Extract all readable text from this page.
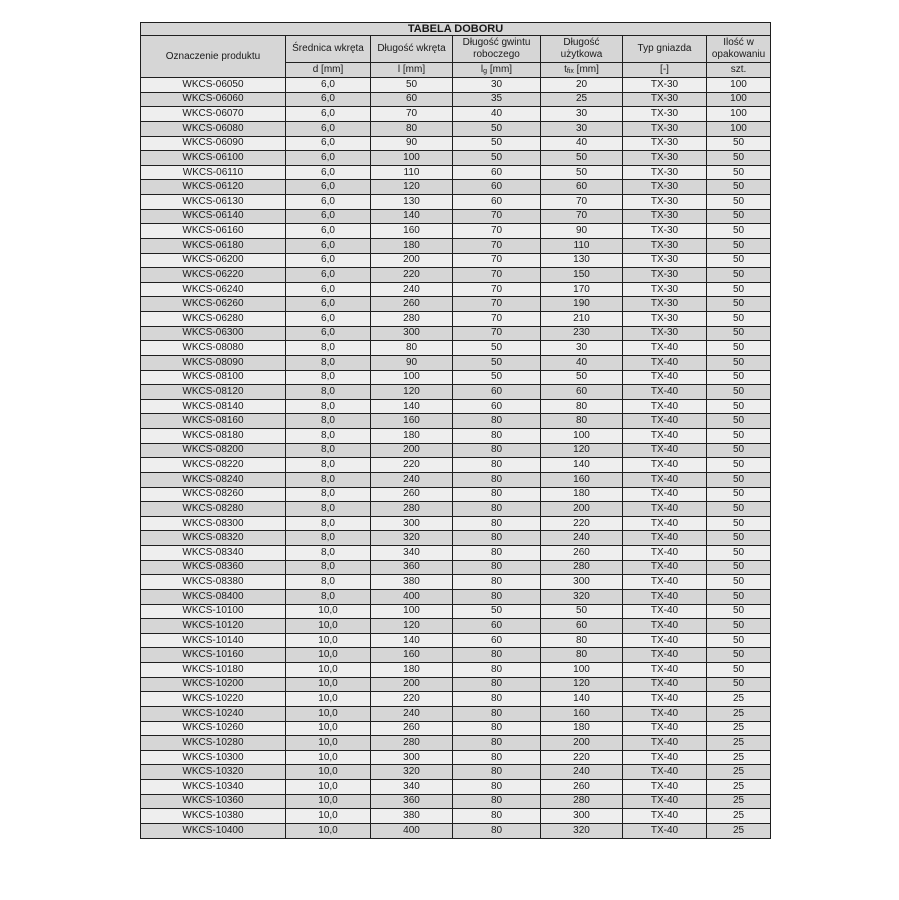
TABELA DOBORU						
Oznaczenie produktu	Średnica wkręta	Długość wkręta	Długość gwintu roboczego	Długość użytkowa	Typ gniazda	Ilość w opakowaniu
	d [mm]	l [mm]	$l_g$ [mm]	$t_{fix}$ [mm]	[-]	szt.
WKCS-06050	6,0	50	30	20	TX-30	100
WKCS-06060	6,0	60	35	25	TX-30	100
WKCS-06070	6,0	70	40	30	TX-30	100
WKCS-06080	6,0	80	50	30	TX-30	100
WKCS-06090	6,0	90	50	40	TX-30	50
WKCS-06100	6,0	100	50	50	TX-30	50
WKCS-06110	6,0	110	60	50	TX-30	50
WKCS-06120	6,0	120	60	60	TX-30	50
WKCS-06130	6,0	130	60	70	TX-30	50
WKCS-06140	6,0	140	70	70	TX-30	50
WKCS-06160	6,0	160	70	90	TX-30	50
WKCS-06180	6,0	180	70	110	TX-30	50
WKCS-06200	6,0	200	70	130	TX-30	50
WKCS-06220	6,0	220	70	150	TX-30	50
WKCS-06240	6,0	240	70	170	TX-30	50
WKCS-06260	6,0	260	70	190	TX-30	50
WKCS-06280	6,0	280	70	210	TX-30	50
WKCS-06300	6,0	300	70	230	TX-30	50
WKCS-08080	8,0	80	50	30	TX-40	50
WKCS-08090	8,0	90	50	40	TX-40	50
WKCS-08100	8,0	100	50	50	TX-40	50
WKCS-08120	8,0	120	60	60	TX-40	50
WKCS-08140	8,0	140	60	80	TX-40	50
WKCS-08160	8,0	160	80	80	TX-40	50
WKCS-08180	8,0	180	80	100	TX-40	50
WKCS-08200	8,0	200	80	120	TX-40	50
WKCS-08220	8,0	220	80	140	TX-40	50
WKCS-08240	8,0	240	80	160	TX-40	50
WKCS-08260	8,0	260	80	180	TX-40	50
WKCS-08280	8,0	280	80	200	TX-40	50
WKCS-08300	8,0	300	80	220	TX-40	50
WKCS-08320	8,0	320	80	240	TX-40	50
WKCS-08340	8,0	340	80	260	TX-40	50
WKCS-08360	8,0	360	80	280	TX-40	50
WKCS-08380	8,0	380	80	300	TX-40	50
WKCS-08400	8,0	400	80	320	TX-40	50
WKCS-10100	10,0	100	50	50	TX-40	50
WKCS-10120	10,0	120	60	60	TX-40	50
WKCS-10140	10,0	140	60	80	TX-40	50
WKCS-10160	10,0	160	80	80	TX-40	50
WKCS-10180	10,0	180	80	100	TX-40	50
WKCS-10200	10,0	200	80	120	TX-40	50
WKCS-10220	10,0	220	80	140	TX-40	25
WKCS-10240	10,0	240	80	160	TX-40	25
WKCS-10260	10,0	260	80	180	TX-40	25
WKCS-10280	10,0	280	80	200	TX-40	25
WKCS-10300	10,0	300	80	220	TX-40	25
WKCS-10320	10,0	320	80	240	TX-40	25
WKCS-10340	10,0	340	80	260	TX-40	25
WKCS-10360	10,0	360	80	280	TX-40	25
WKCS-10380	10,0	380	80	300	TX-40	25
WKCS-10400	10,0	400	80	320	TX-40	25
